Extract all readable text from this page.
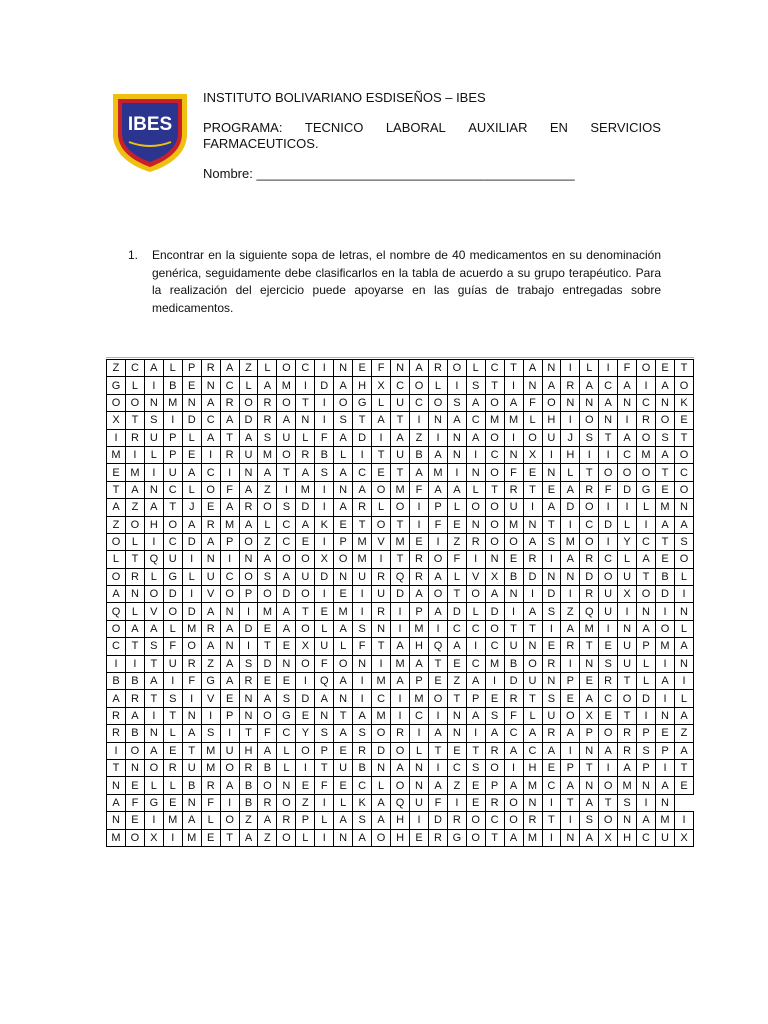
IBES
INSTITUTO BOLIVARIANO ESDISEÑOS – IBES
PROGRAMA: TECNICO LABORAL AUXILIAR EN SERVICIOS
FARMACEUTICOS.
Nombre: ____________________________________________
1.	Encontrar en la siguiente sopa de letras, el nombre de 40 medicamentos en su denominación genérica, seguidamente debe clasificarlos en la tabla de acuerdo a su grupo terapéutico. Para la realización del ejercicio puede apoyarse en las guías de trabajo entregadas sobre medicamentos.
Z	C	A	L	P	R	A	Z	L	O	C	I	N	E	F	N	A	R	O	L	C	T	A	N	I	L	I	F	O	E	T
G	L	I	B	E	N	C	L	A	M	I	D	A	H	X	C	O	L	I	S	T	I	N	A	R	A	C	A	I	A	O
O	O	N	M	N	A	R	O	R	O	T	I	O	G	L	U	C	O	S	A	O	A	F	O	N	N	A	N	C	N	K
X	T	S	I	D	C	A	D	R	A	N	I	S	T	A	T	I	N	A	C	M	M	L	H	I	O	N	I	R	O	E
I	R	U	P	L	A	T	A	S	U	L	F	A	D	I	A	Z	I	N	A	O	I	O	U	J	S	T	A	O	S	T
M	I	L	P	E	I	R	U	M	O	R	B	L	I	T	U	B	A	N	I	C	N	X	I	H	I	I	C	M	A	O
E	M	I	U	A	C	I	N	A	T	A	S	A	C	E	T	A	M	I	N	O	F	E	N	L	T	O	O	O	T	C
T	A	N	C	L	O	F	A	Z	I	M	I	N	A	O	M	F	A	A	L	T	R	T	E	A	R	F	D	G	E	O
A	Z	A	T	J	E	A	R	O	S	D	I	A	R	L	O	I	P	L	O	O	U	I	A	D	O	I	I	L	M	N
Z	O	H	O	A	R	M	A	L	C	A	K	E	T	O	T	I	F	E	N	O	M	N	T	I	C	D	L	I	A	A
O	L	I	C	D	A	P	O	Z	C	E	I	P	M	V	M	E	I	Z	R	O	O	A	S	M	O	I	Y	C	T	S
L	T	Q	U	I	N	I	N	A	O	O	X	O	M	I	T	R	O	F	I	N	E	R	I	A	R	C	L	A	E	O
O	R	L	G	L	U	C	O	S	A	U	D	N	U	R	Q	R	A	L	V	X	B	D	N	N	D	O	U	T	B	L
A	N	O	D	I	V	O	P	O	D	O	I	E	I	U	D	A	O	T	O	A	N	I	D	I	R	U	X	O	D	I
Q	L	V	O	D	A	N	I	M	A	T	E	M	I	R	I	P	A	D	L	D	I	A	S	Z	Q	U	I	N	I	N
O	A	A	L	M	R	A	D	E	A	O	L	A	S	N	I	M	I	C	C	O	T	T	I	A	M	I	N	A	O	L
C	T	S	F	O	A	N	I	T	E	X	U	L	F	T	A	H	Q	A	I	C	U	N	E	R	T	E	U	P	M	A
I	I	T	U	R	Z	A	S	D	N	O	F	O	N	I	M	A	T	E	C	M	B	O	R	I	N	S	U	L	I	N
B	B	A	I	F	G	A	R	E	E	I	Q	A	I	M	A	P	E	Z	A	I	D	U	N	P	E	R	T	L	A	I
A	R	T	S	I	V	E	N	A	S	D	A	N	I	C	I	M	O	T	P	E	R	T	S	E	A	C	O	D	I	L
R	A	I	T	N	I	P	N	O	G	E	N	T	A	M	I	C	I	N	A	S	F	L	U	O	X	E	T	I	N	A
R	B	N	L	A	S	I	T	F	C	Y	S	A	S	O	R	I	A	N	I	A	C	A	R	A	P	O	R	P	E	Z
I	O	A	E	T	M	U	H	A	L	O	P	E	R	D	O	L	T	E	T	R	A	C	A	I	N	A	R	S	P	A
T	N	O	R	U	M	O	R	B	L	I	T	U	B	N	A	N	I	C	S	O	I	H	E	P	T	I	A	P	I	T
N	E	L	L	B	R	A	B	O	N	E	F	E	C	L	O	N	A	Z	E	P	A	M	C	A	N	O	M	N	A	E
A	F	G	E	N	F	I	B	R	O	Z	I	L	K	A	Q	U	F	I	E	R	O	N	I	T	A	T	S	I	N	
N	E	I	M	A	L	O	Z	A	R	P	L	A	S	A	H	I	D	R	O	C	O	R	T	I	S	O	N	A	M	I
M	O	X	I	M	E	T	A	Z	O	L	I	N	A	O	H	E	R	G	O	T	A	M	I	N	A	X	H	C	U	X
